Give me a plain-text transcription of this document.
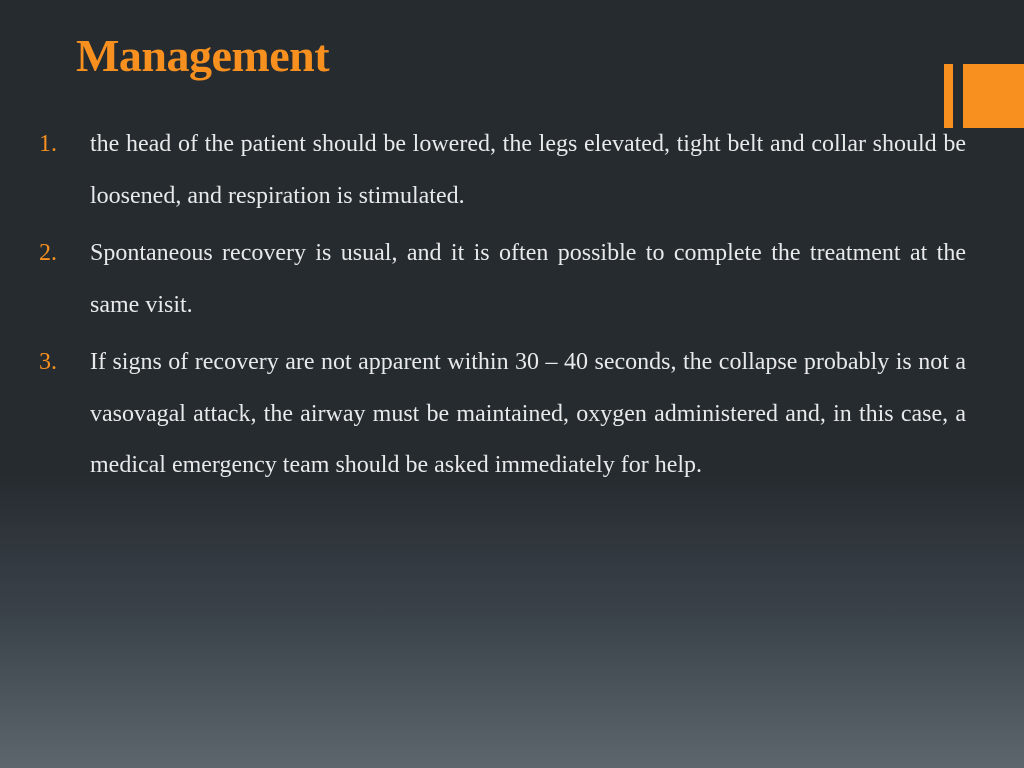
Management
1.	the head of the patient should be lowered, the legs elevated, tight belt and collar should be loosened, and respiration is stimulated.
2.	Spontaneous recovery is usual, and it is often possible to complete the treatment at the same visit.
3.	If signs of recovery are not apparent within 30 – 40 seconds, the collapse probably is not a vasovagal attack, the airway must be maintained, oxygen administered and, in this case, a medical emergency team should be asked immediately for help.
